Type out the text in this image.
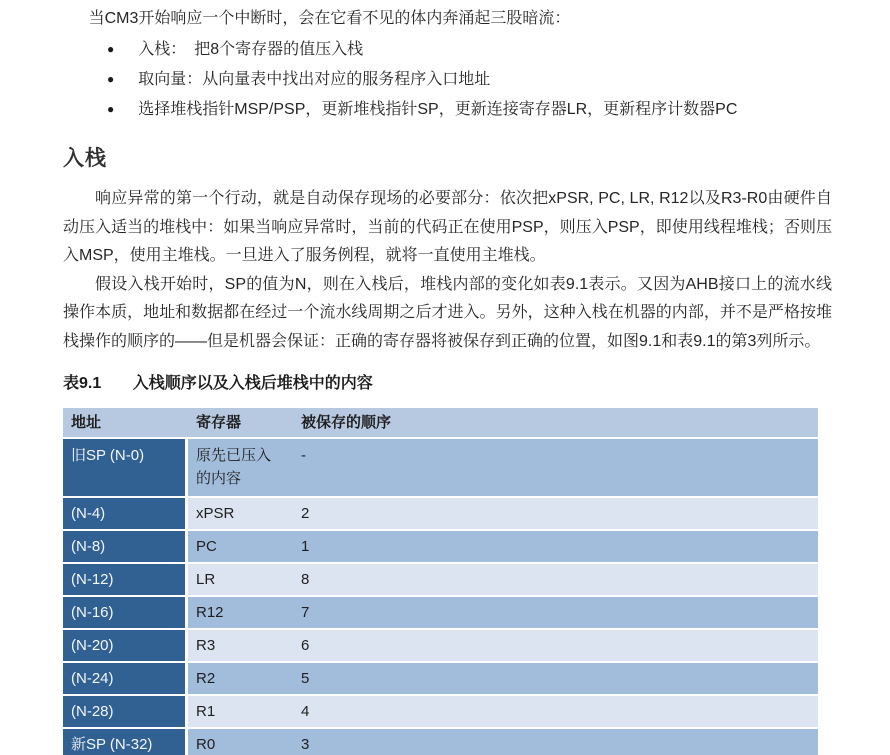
当CM3开始响应一个中断时，会在它看不见的体内奔涌起三股暗流：

● 入栈：　把8个寄存器的值压入栈
● 取向量：从向量表中找出对应的服务程序入口地址
● 选择堆栈指针MSP/PSP，更新堆栈指针SP，更新连接寄存器LR，更新程序计数器PC
入栈

响应异常的第一个行动，就是自动保存现场的必要部分：依次把xPSR, PC, LR, R12以及R3-R0由硬件自动压入适当的堆栈中：如果当响应异常时，当前的代码正在使用PSP，则压入PSP，即使用线程堆栈；否则压入MSP，使用主堆栈。一旦进入了服务例程，就将一直使用主堆栈。

假设入栈开始时，SP的值为N，则在入栈后，堆栈内部的变化如表9.1表示。又因为AHB接口上的流水线操作本质，地址和数据都在经过一个流水线周期之后才进入。另外，这种入栈在机器的内部，并不是严格按堆栈操作的顺序的——但是机器会保证：正确的寄存器将被保存到正确的位置，如图9.1和表9.1的第3列所示。

表9.1 入栈顺序以及入栈后堆栈中的内容
地址	寄存器	被保存的顺序
旧SP (N-0)	原先已压入的内容	-
(N-4)	xPSR	2
(N-8)	PC	1
(N-12)	LR	8
(N-16)	R12	7
(N-20)	R3	6
(N-24)	R2	5
(N-28)	R1	4
新SP (N-32)	R0	3
